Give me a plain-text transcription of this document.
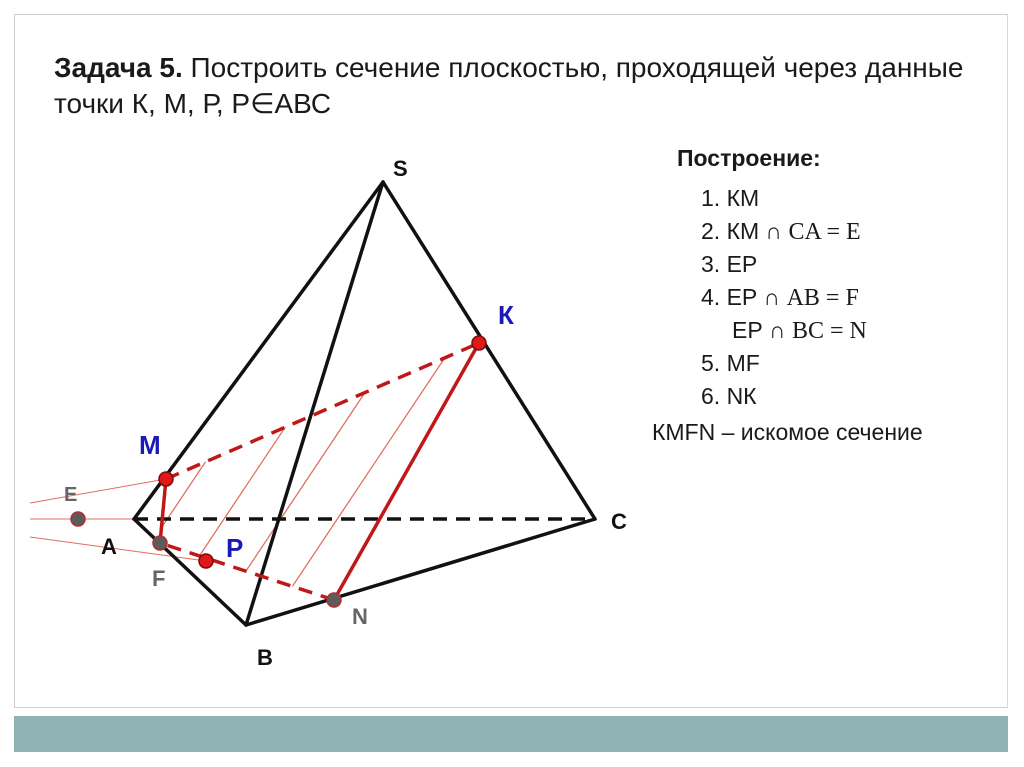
Задача 5. Построить сечение плоскостью, проходящей через данные точки К, М, Р, Р∈АВС
Построение:
1. КМ
2. КМ ∩ CA = E
3. ЕР
4. ЕР ∩ AB = F
ЕР ∩ BC = N
5. МF
6. NК
КМFN – искомое сечение
S
К
М
Е
А
F
Р
С
N
В
